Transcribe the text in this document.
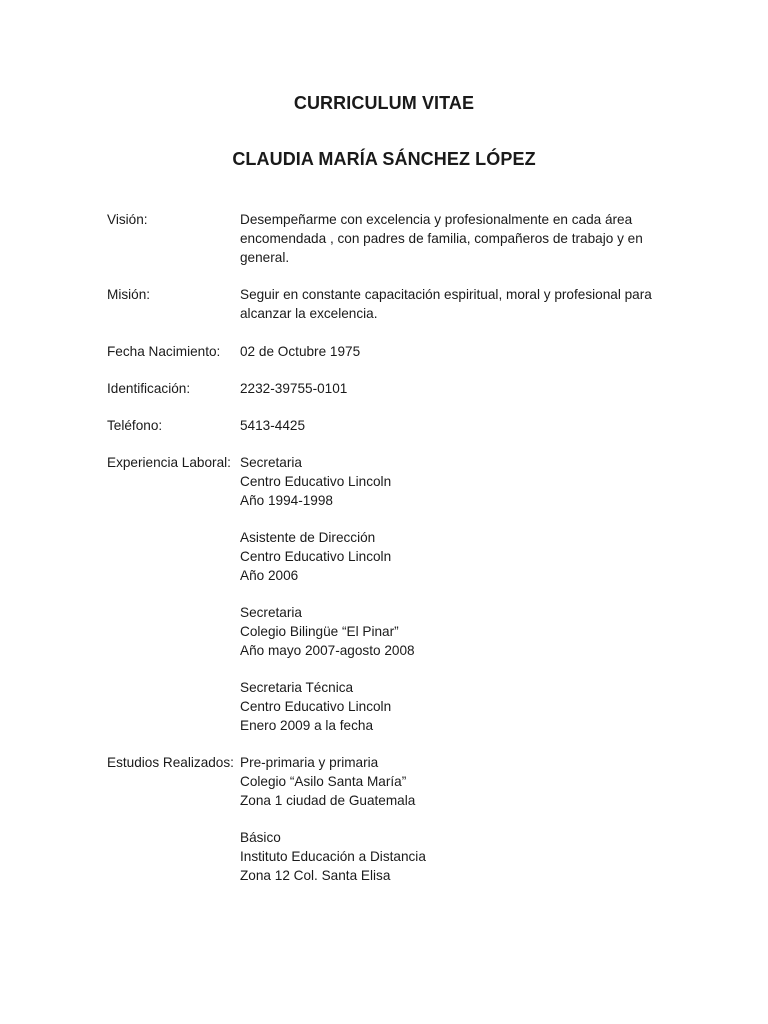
CURRICULUM VITAE
CLAUDIA MARÍA SÁNCHEZ LÓPEZ
Visión:	Desempeñarme con excelencia y profesionalmente en cada área
encomendada , con padres de familia, compañeros de trabajo y en
general.
Misión:	Seguir en constante capacitación espiritual, moral y profesional para
alcanzar la excelencia.
Fecha Nacimiento: 02 de Octubre 1975
Identificación:	2232-39755-0101
Teléfono:	5413-4425
Experiencia Laboral: Secretaria
Centro Educativo Lincoln
Año 1994-1998
Asistente de Dirección
Centro Educativo Lincoln
Año 2006
Secretaria
Colegio Bilingüe “El Pinar”
Año mayo 2007-agosto 2008
Secretaria Técnica
Centro Educativo Lincoln
Enero 2009 a la fecha
Estudios Realizados: Pre-primaria y primaria
Colegio “Asilo Santa María”
Zona 1 ciudad de Guatemala
Básico
Instituto Educación a Distancia
Zona 12 Col. Santa Elisa
